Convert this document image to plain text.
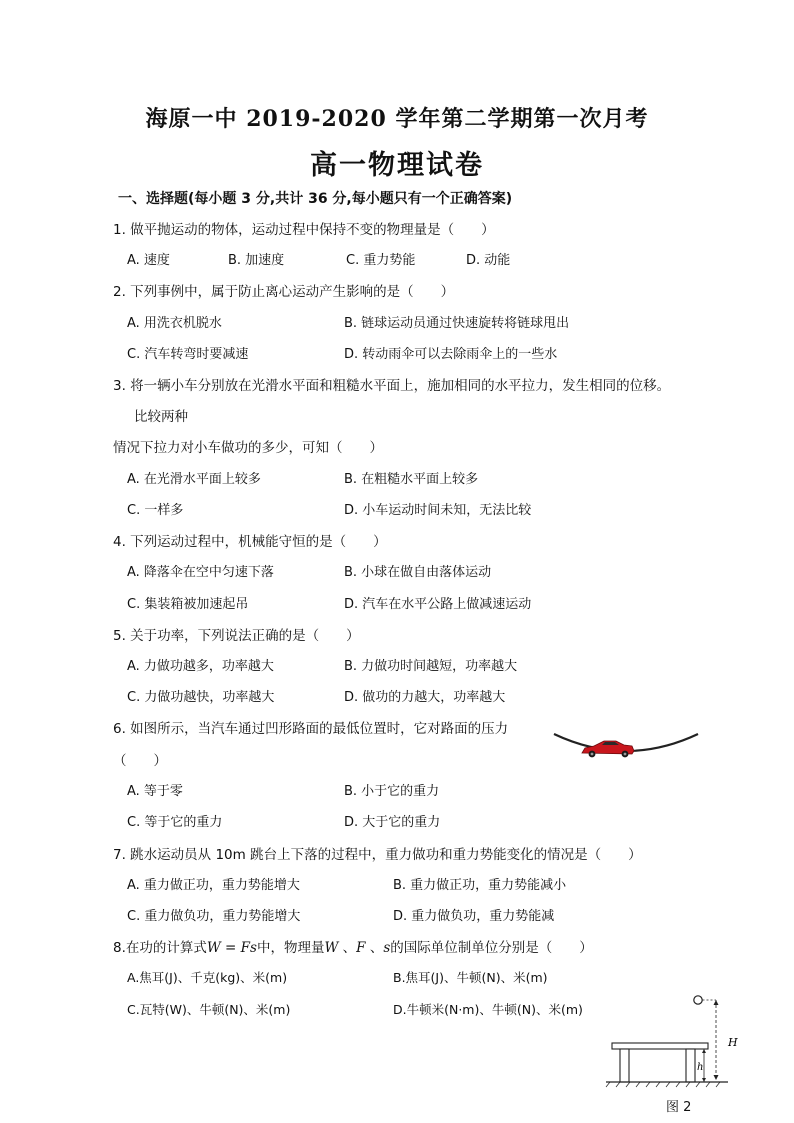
海原一中 2019-2020 学年第二学期第一次月考
高一物理试卷
一、选择题(每小题 3 分,共计 36 分,每小题只有一个正确答案)
1. 做平抛运动的物体，运动过程中保持不变的物理量是（　　）
A. 速度	B. 加速度	C. 重力势能	D. 动能
2. 下列事例中，属于防止离心运动产生影响的是（　　）
A. 用洗衣机脱水	B. 链球运动员通过快速旋转将链球甩出
C. 汽车转弯时要减速	D. 转动雨伞可以去除雨伞上的一些水
3. 将一辆小车分别放在光滑水平面和粗糙水平面上，施加相同的水平拉力，发生相同的位移。
比较两种
情况下拉力对小车做功的多少，可知（　　）
A. 在光滑水平面上较多	B. 在粗糙水平面上较多
C. 一样多	D. 小车运动时间未知，无法比较
4. 下列运动过程中，机械能守恒的是（　　）
A. 降落伞在空中匀速下落	B. 小球在做自由落体运动
C. 集装箱被加速起吊	D. 汽车在水平公路上做减速运动
5. 关于功率，下列说法正确的是（　　）
A. 力做功越多，功率越大	B. 力做功时间越短，功率越大
C. 力做功越快，功率越大	D. 做功的力越大，功率越大
6. 如图所示，当汽车通过凹形路面的最低位置时，它对路面的压力
（　　）
A. 等于零	B. 小于它的重力
C. 等于它的重力	D. 大于它的重力
7. 跳水运动员从 10m 跳台上下落的过程中，重力做功和重力势能变化的情况是（　　）
A. 重力做正功，重力势能增大	B. 重力做正功，重力势能减小
C. 重力做负功，重力势能增大	D. 重力做负功，重力势能减
8.在功的计算式W = Fs中，物理量W 、F 、s的国际单位制单位分别是（　　）
A.焦耳(J)、千克(kg)、米(m)	B.焦耳(J)、牛顿(N)、米(m)
C.瓦特(W)、牛顿(N)、米(m)	D.牛顿米(N·m)、牛顿(N)、米(m)
H
h
图 2
